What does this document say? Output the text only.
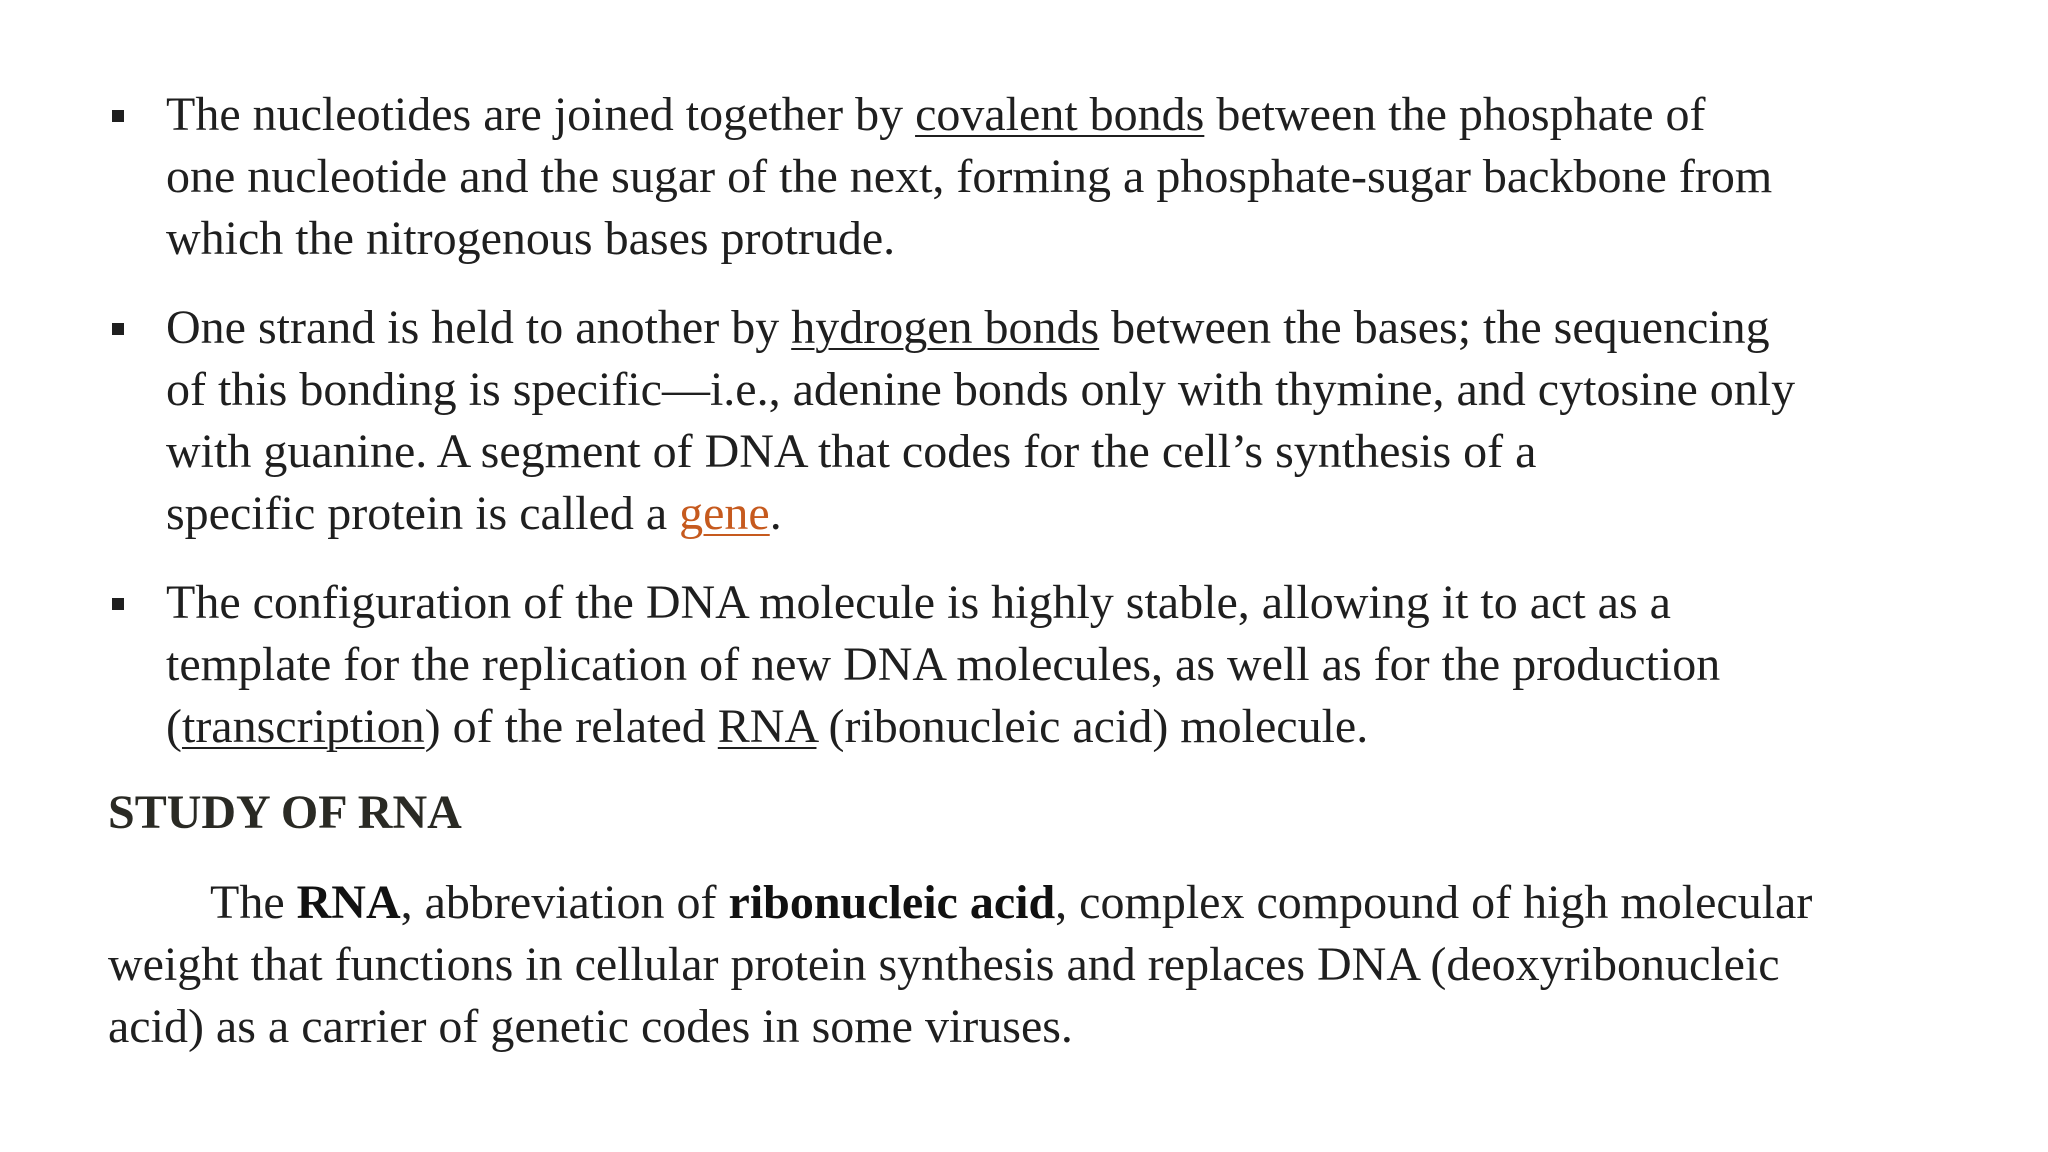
The nucleotides are joined together by covalent bonds between the phosphate of
one nucleotide and the sugar of the next, forming a phosphate-sugar backbone from
which the nitrogenous bases protrude.
One strand is held to another by hydrogen bonds between the bases; the sequencing
of this bonding is specific—i.e., adenine bonds only with thymine, and cytosine only
with guanine. A segment of DNA that codes for the cell’s synthesis of a
specific protein is called a gene.
The configuration of the DNA molecule is highly stable, allowing it to act as a
template for the replication of new DNA molecules, as well as for the production
(transcription) of the related RNA (ribonucleic acid) molecule.
STUDY OF RNA

The RNA, abbreviation of ribonucleic acid, complex compound of high molecular
weight that functions in cellular protein synthesis and replaces DNA (deoxyribonucleic
acid) as a carrier of genetic codes in some viruses.
